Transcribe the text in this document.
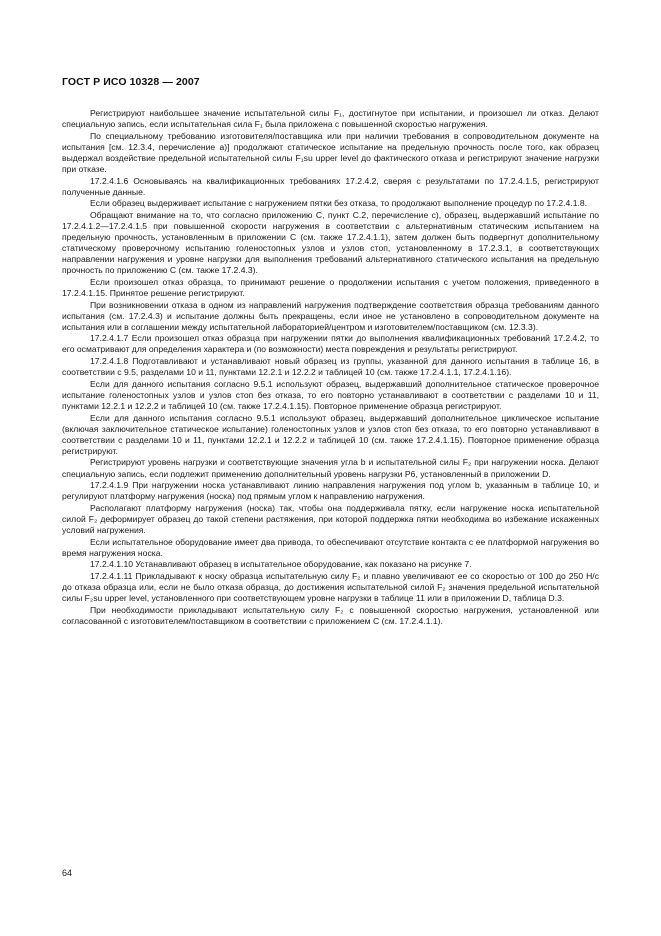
ГОСТ Р ИСО 10328 — 2007

Регистрируют наибольшее значение испытательной силы F₁, достигнутое при испытании, и произошел ли отказ. Делают специальную запись, если испытательная сила F₁ была приложена с повышенной скоростью нагружения.

По специальному требованию изготовителя/поставщика или при наличии требования в сопроводительном документе на испытания [см. 12.3.4, перечисление a)] продолжают статическое испытание на предельную прочность после того, как образец выдержал воздействие предельной испытательной силы F₁su upper level до фактического отказа и регистрируют значение нагрузки при отказе.

17.2.4.1.6 Основываясь на квалификационных требованиях 17.2.4.2, сверяя с результатами по 17.2.4.1.5, регистрируют полученные данные.

Если образец выдерживает испытание с нагружением пятки без отказа, то продолжают выполнение процедур по 17.2.4.1.8.

Обращают внимание на то, что согласно приложению C, пункт C.2, перечисление c), образец, выдержавший испытание по 17.2.4.1.2—17.2.4.1.5 при повышенной скорости нагружения в соответствии с альтернативным статическим испытанием на предельную прочность, установленным в приложении C (см. также 17.2.4.1.1), затем должен быть подвергнут дополнительному статическому проверочному испытанию голеностопных узлов и узлов стоп, установленному в 17.2.3.1, в соответствующих направлении нагружения и уровне нагрузки для выполнения требований альтернативного статического испытания на предельную прочность по приложению C (см. также 17.2.4.3).

Если произошел отказ образца, то принимают решение о продолжении испытания с учетом положения, приведенного в 17.2.4.1.15. Принятое решение регистрируют.

При возникновении отказа в одном из направлений нагружения подтверждение соответствия образца требованиям данного испытания (см. 17.2.4.3) и испытание должны быть прекращены, если иное не установлено в сопроводительном документе на испытания или в соглашении между испытательной лабораторией/центром и изготовителем/поставщиком (см. 12.3.3).

17.2.4.1.7 Если произошел отказ образца при нагружении пятки до выполнения квалификационных требований 17.2.4.2, то его осматривают для определения характера и (по возможности) места повреждения и результаты регистрируют.

17.2.4.1.8 Подготавливают и устанавливают новый образец из группы, указанной для данного испытания в таблице 16, в соответствии с 9.5, разделами 10 и 11, пунктами 12.2.1 и 12.2.2 и таблицей 10 (см. также 17.2.4.1.1, 17.2.4.1.16).

Если для данного испытания согласно 9.5.1 используют образец, выдержавший дополнительное статическое проверочное испытание голеностопных узлов и узлов стоп без отказа, то его повторно устанавливают в соответствии с разделами 10 и 11, пунктами 12.2.1 и 12.2.2 и таблицей 10 (см. также 17.2.4.1.15). Повторное применение образца регистрируют.

Если для данного испытания согласно 9.5.1 используют образец, выдержавший дополнительное циклическое испытание (включая заключительное статическое испытание) голеностопных узлов и узлов стоп без отказа, то его повторно устанавливают в соответствии с разделами 10 и 11, пунктами 12.2.1 и 12.2.2 и таблицей 10 (см. также 17.2.4.1.15). Повторное применение образца регистрируют.

Регистрируют уровень нагрузки и соответствующие значения угла b и испытательной силы F₂ при нагружении носка. Делают специальную запись, если подлежит применению дополнительный уровень нагрузки P6, установленный в приложении D.

17.2.4.1.9 При нагружении носка устанавливают линию направления нагружения под углом b, указанным в таблице 10, и регулируют платформу нагружения (носка) под прямым углом к направлению нагружения.

Располагают платформу нагружения (носка) так, чтобы она поддерживала пятку, если нагружение носка испытательной силой F₂ деформирует образец до такой степени растяжения, при которой поддержка пятки необходима во избежание искаженных условий нагружения.

Если испытательное оборудование имеет два привода, то обеспечивают отсутствие контакта с ее платформой нагружения во время нагружения носка.

17.2.4.1.10 Устанавливают образец в испытательное оборудование, как показано на рисунке 7.

17.2.4.1.11 Прикладывают к носку образца испытательную силу F₂ и плавно увеличивают ее со скоростью от 100 до 250 Н/с до отказа образца или, если не было отказа образца, до достижения испытательной силой F₂ значения предельной испытательной силы F₂su upper level, установленного при соответствующем уровне нагрузки в таблице 11 или в приложении D, таблица D.3.

При необходимости прикладывают испытательную силу F₂ с повышенной скоростью нагружения, установленной или согласованной с изготовителем/поставщиком в соответствии с приложением C (см. 17.2.4.1.1).

64
